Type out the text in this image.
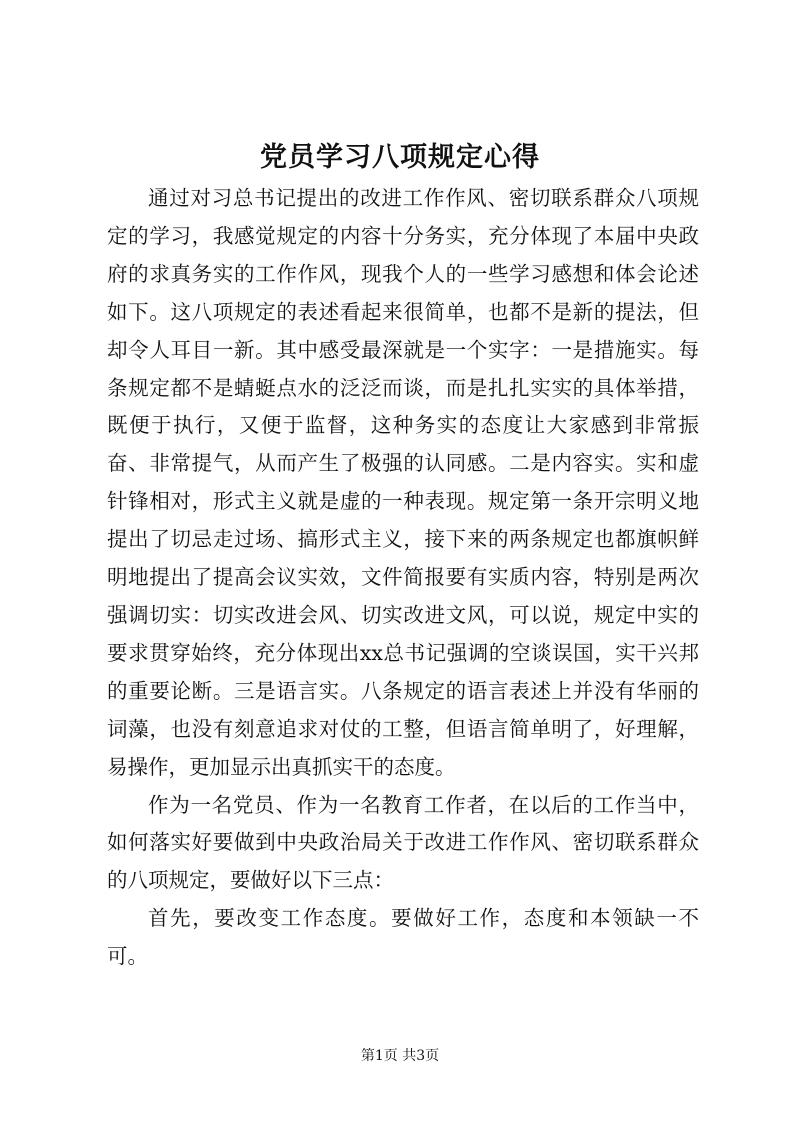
党员学习八项规定心得

通过对习总书记提出的改进工作作风、密切联系群众八项规定的学习，我感觉规定的内容十分务实，充分体现了本届中央政府的求真务实的工作作风，现我个人的一些学习感想和体会论述如下。这八项规定的表述看起来很简单，也都不是新的提法，但却令人耳目一新。其中感受最深就是一个实字：一是措施实。每条规定都不是蜻蜓点水的泛泛而谈，而是扎扎实实的具体举措，既便于执行，又便于监督，这种务实的态度让大家感到非常振奋、非常提气，从而产生了极强的认同感。二是内容实。实和虚针锋相对，形式主义就是虚的一种表现。规定第一条开宗明义地提出了切忌走过场、搞形式主义，接下来的两条规定也都旗帜鲜明地提出了提高会议实效，文件简报要有实质内容，特别是两次强调切实：切实改进会风、切实改进文风，可以说，规定中实的要求贯穿始终，充分体现出xx总书记强调的空谈误国，实干兴邦的重要论断。三是语言实。八条规定的语言表述上并没有华丽的词藻，也没有刻意追求对仗的工整，但语言简单明了，好理解，易操作，更加显示出真抓实干的态度。

作为一名党员、作为一名教育工作者，在以后的工作当中，如何落实好要做到中央政治局关于改进工作作风、密切联系群众的八项规定，要做好以下三点：

首先，要改变工作态度。要做好工作，态度和本领缺一不可。

第1页 共3页
